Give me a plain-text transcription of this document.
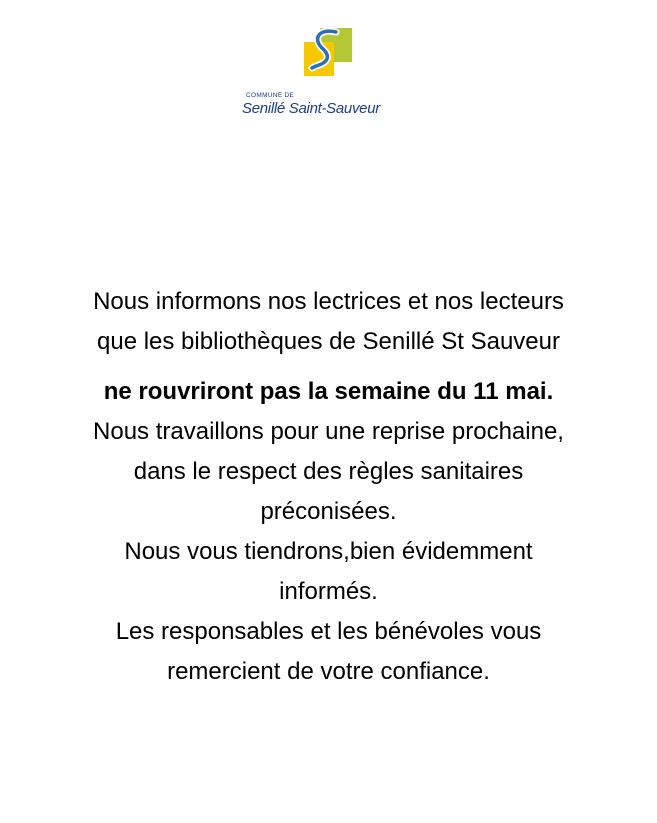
COMMUNE DE
Senillé Saint-Sauveur

Nous informons nos lectrices et nos lecteurs

que les bibliothèques de Senillé St Sauveur

ne rouvriront pas la semaine du 11 mai.

Nous travaillons pour une reprise prochaine,

dans le respect des règles sanitaires

préconisées.

Nous vous tiendrons,bien évidemment

informés.

Les responsables et les bénévoles vous

remercient de votre confiance.
